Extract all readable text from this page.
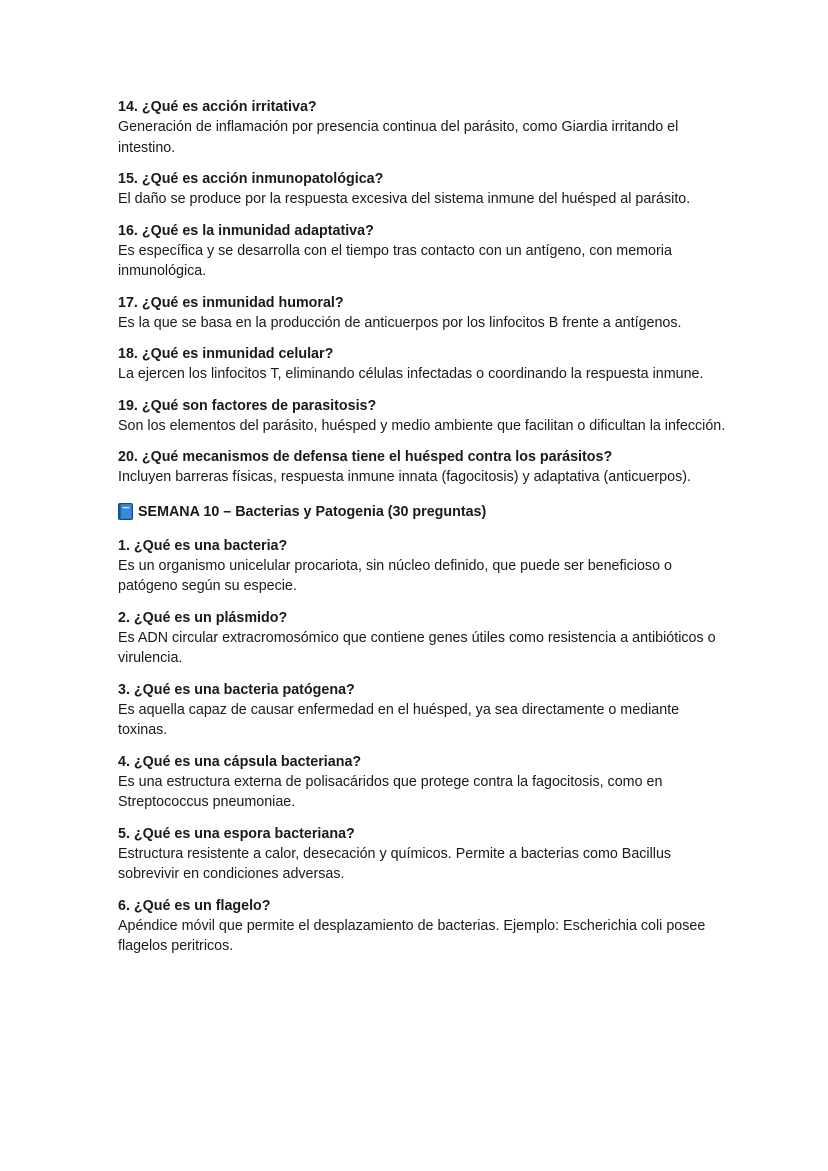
14. ¿Qué es acción irritativa?

Generación de inflamación por presencia continua del parásito, como Giardia irritando el intestino.

15. ¿Qué es acción inmunopatológica?

El daño se produce por la respuesta excesiva del sistema inmune del huésped al parásito.

16. ¿Qué es la inmunidad adaptativa?

Es específica y se desarrolla con el tiempo tras contacto con un antígeno, con memoria inmunológica.

17. ¿Qué es inmunidad humoral?

Es la que se basa en la producción de anticuerpos por los linfocitos B frente a antígenos.

18. ¿Qué es inmunidad celular?

La ejercen los linfocitos T, eliminando células infectadas o coordinando la respuesta inmune.

19. ¿Qué son factores de parasitosis?

Son los elementos del parásito, huésped y medio ambiente que facilitan o dificultan la infección.

20. ¿Qué mecanismos de defensa tiene el huésped contra los parásitos?

Incluyen barreras físicas, respuesta inmune innata (fagocitosis) y adaptativa (anticuerpos).

SEMANA 10 – Bacterias y Patogenia (30 preguntas)

1. ¿Qué es una bacteria?

Es un organismo unicelular procariota, sin núcleo definido, que puede ser beneficioso o patógeno según su especie.

2. ¿Qué es un plásmido?

Es ADN circular extracromosómico que contiene genes útiles como resistencia a antibióticos o virulencia.

3. ¿Qué es una bacteria patógena?

Es aquella capaz de causar enfermedad en el huésped, ya sea directamente o mediante toxinas.

4. ¿Qué es una cápsula bacteriana?

Es una estructura externa de polisacáridos que protege contra la fagocitosis, como en Streptococcus pneumoniae.

5. ¿Qué es una espora bacteriana?

Estructura resistente a calor, desecación y químicos. Permite a bacterias como Bacillus sobrevivir en condiciones adversas.

6. ¿Qué es un flagelo?

Apéndice móvil que permite el desplazamiento de bacterias. Ejemplo: Escherichia coli posee flagelos peritricos.
